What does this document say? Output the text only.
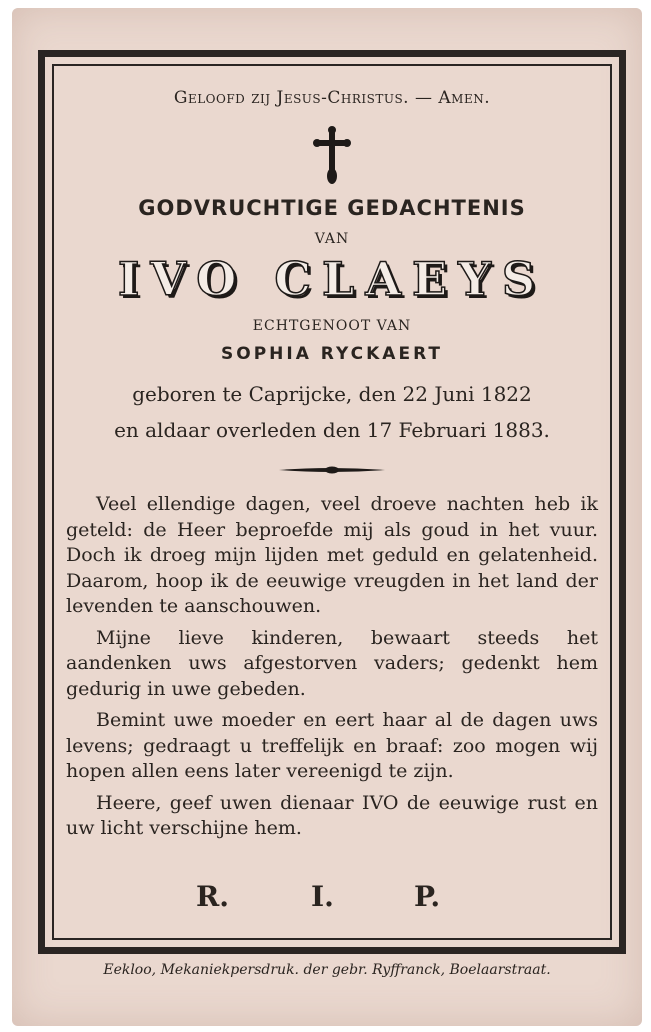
Geloofd zij Jesus-Christus. — Amen.
GODVRUCHTIGE GEDACHTENIS
VAN
IVO CLAEYS
ECHTGENOOT VAN
SOPHIA RYCKAERT
geboren te Caprijcke, den 22 Juni 1822
en aldaar overleden den 17 Februari 1883.

Veel ellendige dagen, veel droeve nachten heb ik geteld: de Heer beproefde mij als goud in het vuur. Doch ik droeg mijn lijden met geduld en gelatenheid. Daarom, hoop ik de eeuwige vreugden in het land der levenden te aanschouwen.

Mijne lieve kinderen, bewaart steeds het aandenken uws afgestorven vaders; gedenkt hem gedurig in uwe gebeden.

Bemint uwe moeder en eert haar al de dagen uws levens; gedraagt u treffelijk en braaf: zoo mogen wij hopen allen eens later vereenigd te zijn.

Heere, geef uwen dienaar IVO de eeuwige rust en uw licht verschijne hem.

R.	I.	P.
Eekloo, Mekaniekpersdruk. der gebr. Ryffranck, Boelaarstraat.
